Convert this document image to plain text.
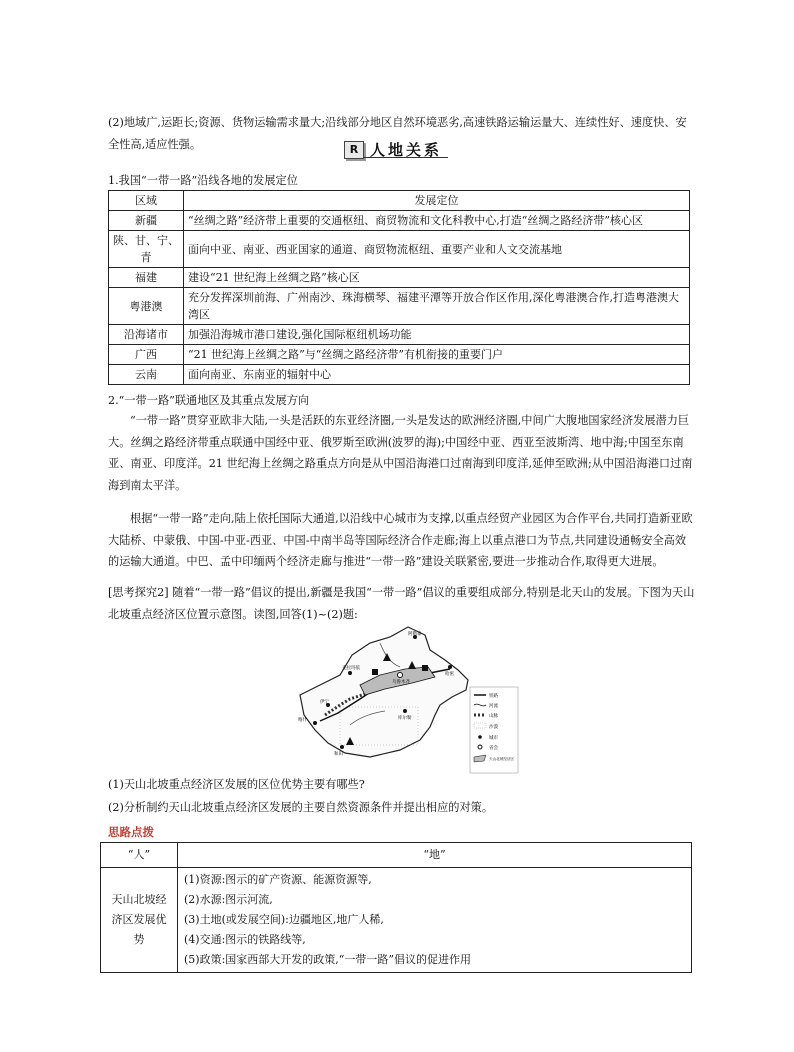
(2)地域广,运距长;资源、货物运输需求量大;沿线部分地区自然环境恶劣,高速铁路运输运量大、连续性好、速度快、安全性高,适应性强。	R 人地关系

1.我国“一带一路”沿线各地的发展定位

区域	发展定位
新疆	“丝绸之路”经济带上重要的交通枢纽、商贸物流和文化科教中心,打造“丝绸之路经济带”核心区
陕、甘、宁、青	面向中亚、南亚、西亚国家的通道、商贸物流枢纽、重要产业和人文交流基地
福建	建设“21 世纪海上丝绸之路”核心区
粤港澳	充分发挥深圳前海、广州南沙、珠海横琴、福建平潭等开放合作区作用,深化粤港澳合作,打造粤港澳大湾区
沿海诸市	加强沿海城市港口建设,强化国际枢纽机场功能
广西	“21 世纪海上丝绸之路”与“丝绸之路经济带”有机衔接的重要门户
云南	面向南亚、东南亚的辐射中心

2.“一带一路”联通地区及其重点发展方向

“一带一路”贯穿亚欧非大陆,一头是活跃的东亚经济圈,一头是发达的欧洲经济圈,中间广大腹地国家经济发展潜力巨大。丝绸之路经济带重点联通中国经中亚、俄罗斯至欧洲(波罗的海);中国经中亚、西亚至波斯湾、地中海;中国至东南亚、南亚、印度洋。21 世纪海上丝绸之路重点方向是从中国沿海港口过南海到印度洋,延伸至欧洲;从中国沿海港口过南海到南太平洋。

根据“一带一路”走向,陆上依托国际大通道,以沿线中心城市为支撑,以重点经贸产业园区为合作平台,共同打造新亚欧大陆桥、中蒙俄、中国-中亚-西亚、中国-中南半岛等国际经济合作走廊;海上以重点港口为节点,共同建设通畅安全高效的运输大通道。中巴、孟中印缅两个经济走廊与推进“一带一路”建设关联紧密,要进一步推动合作,取得更大进展。

[思考探究2] 随着“一带一路”倡议的提出,新疆是我国“一带一路”倡议的重要组成部分,特别是北天山的发展。下图为天山北坡重点经济区位置示意图。读图,回答(1)~(2)题:

阿勒泰
克拉玛依
乌鲁木齐
伊宁
喀什
和田
库尔勒
哈密
铁路
河流
山脉
沙漠
城市
省会
天山北坡经济区

(1)天山北坡重点经济区发展的区位优势主要有哪些?

(2)分析制约天山北坡重点经济区发展的主要自然资源条件并提出相应的对策。

思路点拨

“人”	“地”
天山北坡经济区发展优势	(1)资源:图示的矿产资源、能源资源等,
(2)水源:图示河流,
(3)土地(或发展空间):边疆地区,地广人稀,
(4)交通:图示的铁路线等,
(5)政策:国家西部大开发的政策,“一带一路”倡议的促进作用
